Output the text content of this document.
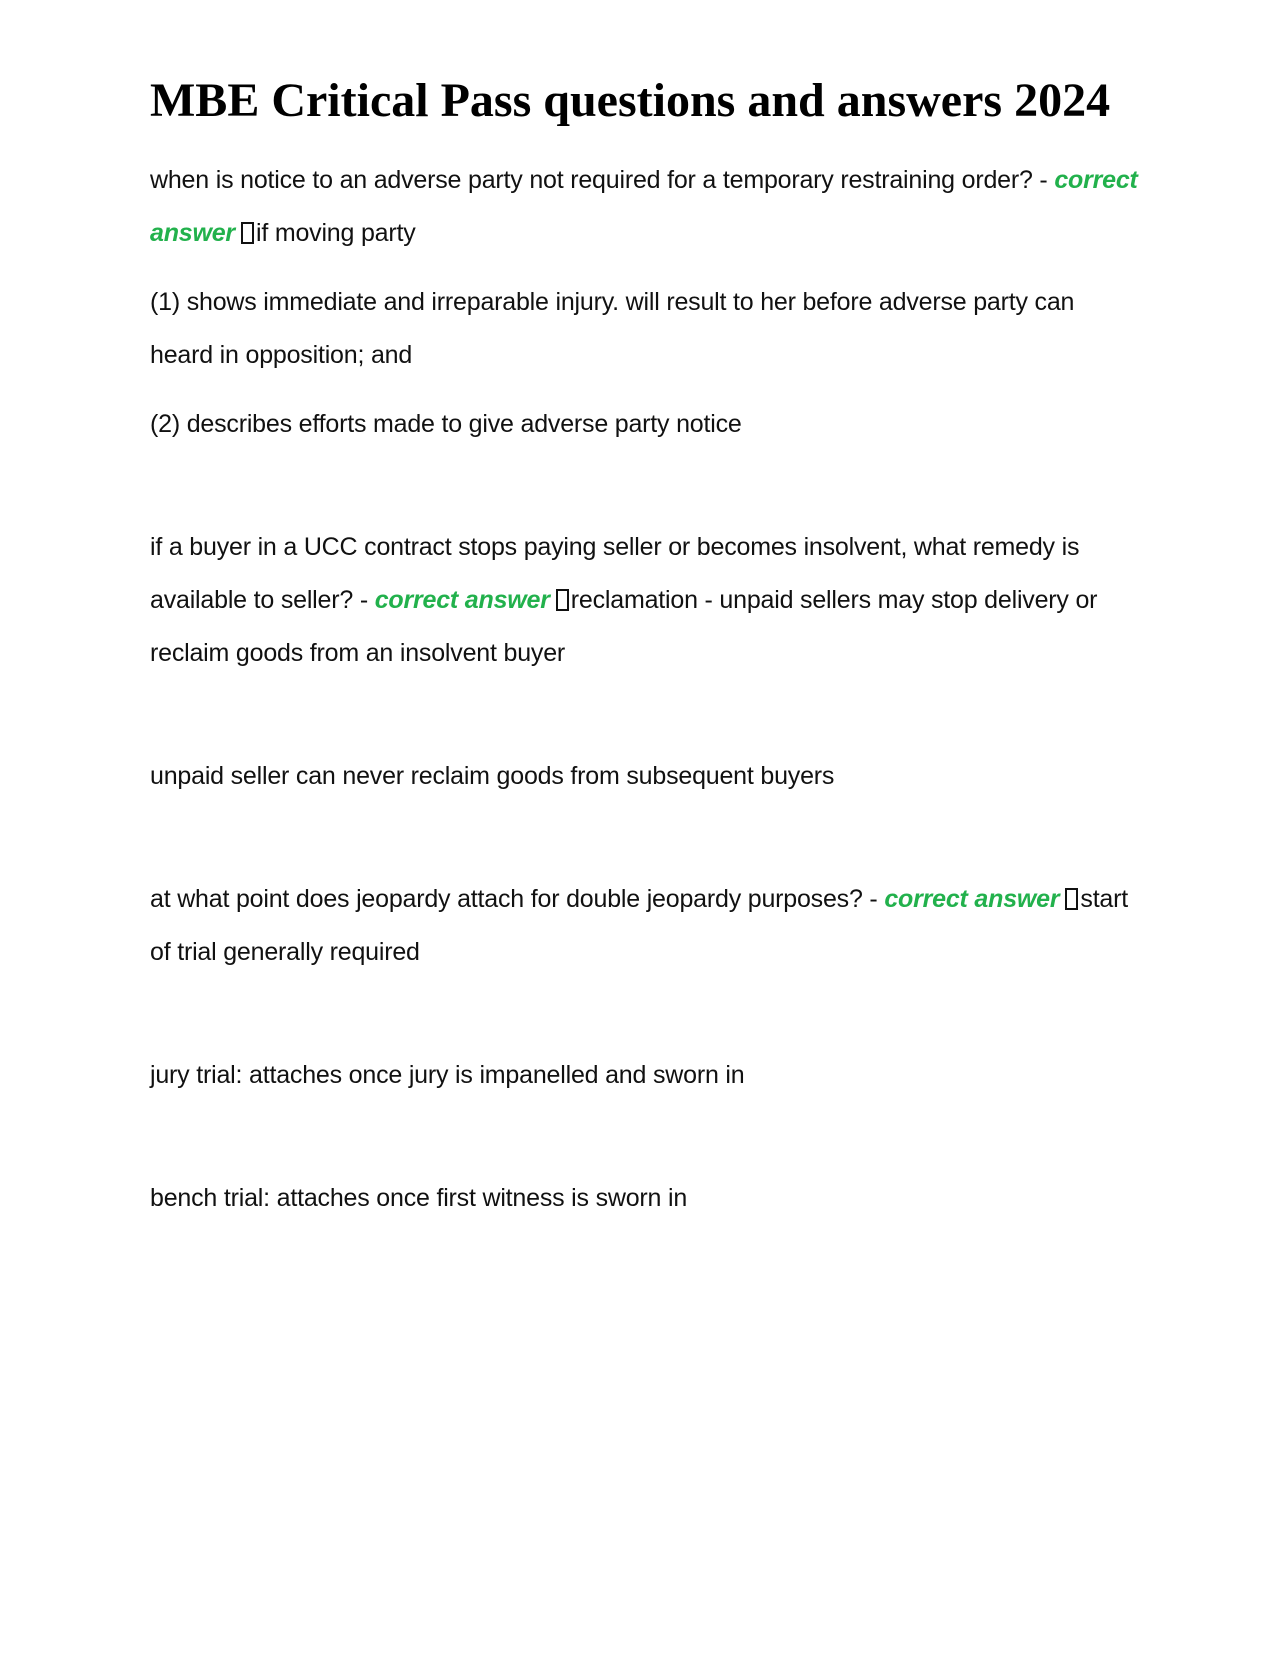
MBE Critical Pass questions and answers 2024

when is notice to an adverse party not required for a temporary restraining order? - correct answer if moving party

(1) shows immediate and irreparable injury. will result to her before adverse party can heard in opposition; and

(2) describes efforts made to give adverse party notice

if a buyer in a UCC contract stops paying seller or becomes insolvent, what remedy is available to seller? - correct answer reclamation - unpaid sellers may stop delivery or reclaim goods from an insolvent buyer

unpaid seller can never reclaim goods from subsequent buyers

at what point does jeopardy attach for double jeopardy purposes? - correct answer start of trial generally required

jury trial: attaches once jury is impanelled and sworn in

bench trial: attaches once first witness is sworn in
